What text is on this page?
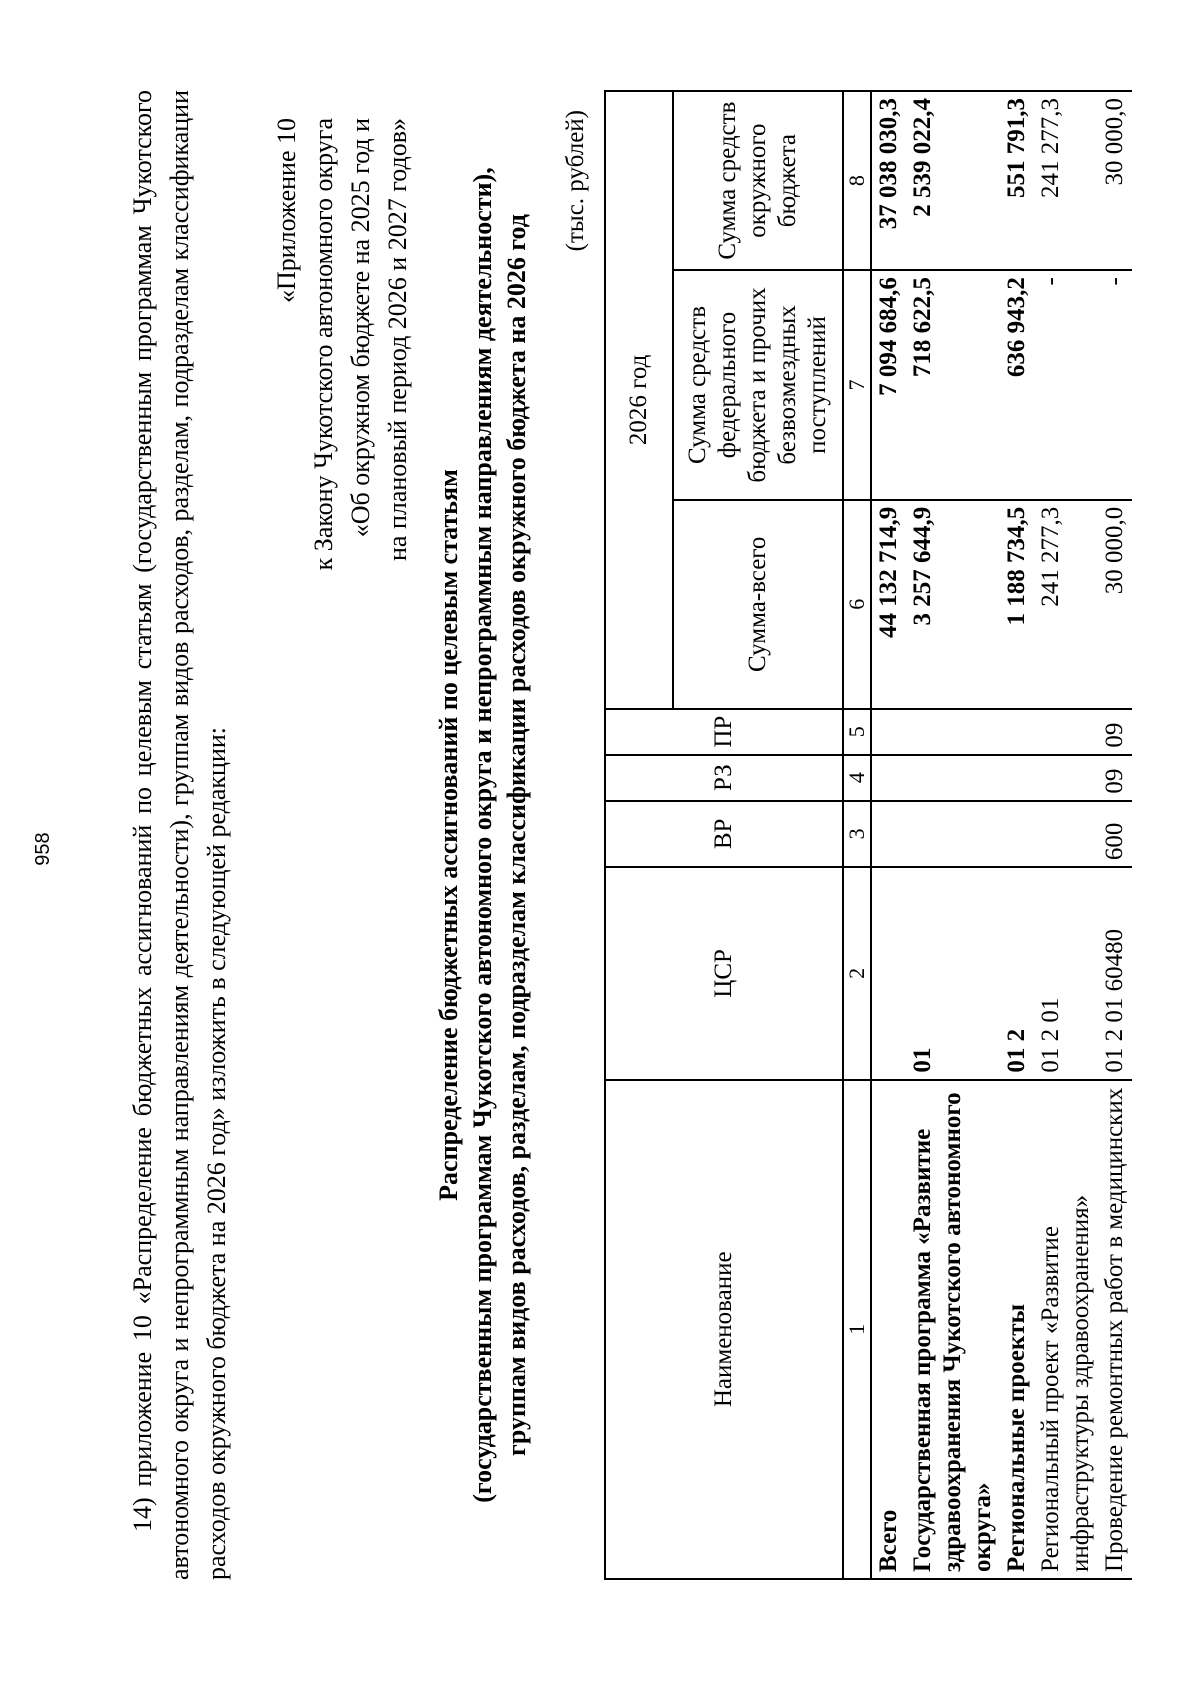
958	14) приложение 10 «Распределение бюджетных ассигнований по целевым статьям (государственным программам Чукотского автономного округа и непрограммным направлениям деятельности), группам видов расходов, разделам, подразделам классификации расходов окружного бюджета на 2026 год» изложить в следующей редакции:
«Приложение 10 к Закону Чукотского автономного округа «Об окружном бюджете на 2025 год и на плановый период 2026 и 2027 годов»
Распределение бюджетных ассигнований по целевым статьям (государственным программам Чукотского автономного округа и непрограммным направлениям деятельности), группам видов расходов, разделам, подразделам классификации расходов окружного бюджета на 2026 год
(тыс. рублей)
Наименование	ЦСР	ВР	РЗ	ПР	2026 год		
					Сумма-всего	Сумма средств федерального бюджета и прочих безвозмездных поступлений	Сумма средств окружного бюджета
1	2	3	4	5	6	7	8
Всего					44 132 714,9	7 094 684,6	37 038 030,3
Государственная программа «Развитие здравоохранения Чукотского автономного округа»	01				3 257 644,9	718 622,5	2 539 022,4
Региональные проекты	01 2				1 188 734,5	636 943,2	551 791,3
Региональный проект «Развитие инфраструктуры здравоохранения»	01 2 01				241 277,3	-	241 277,3
Проведение ремонтных работ в медицинских	01 2 01 60480	600	09	09	30 000,0	-	30 000,0
